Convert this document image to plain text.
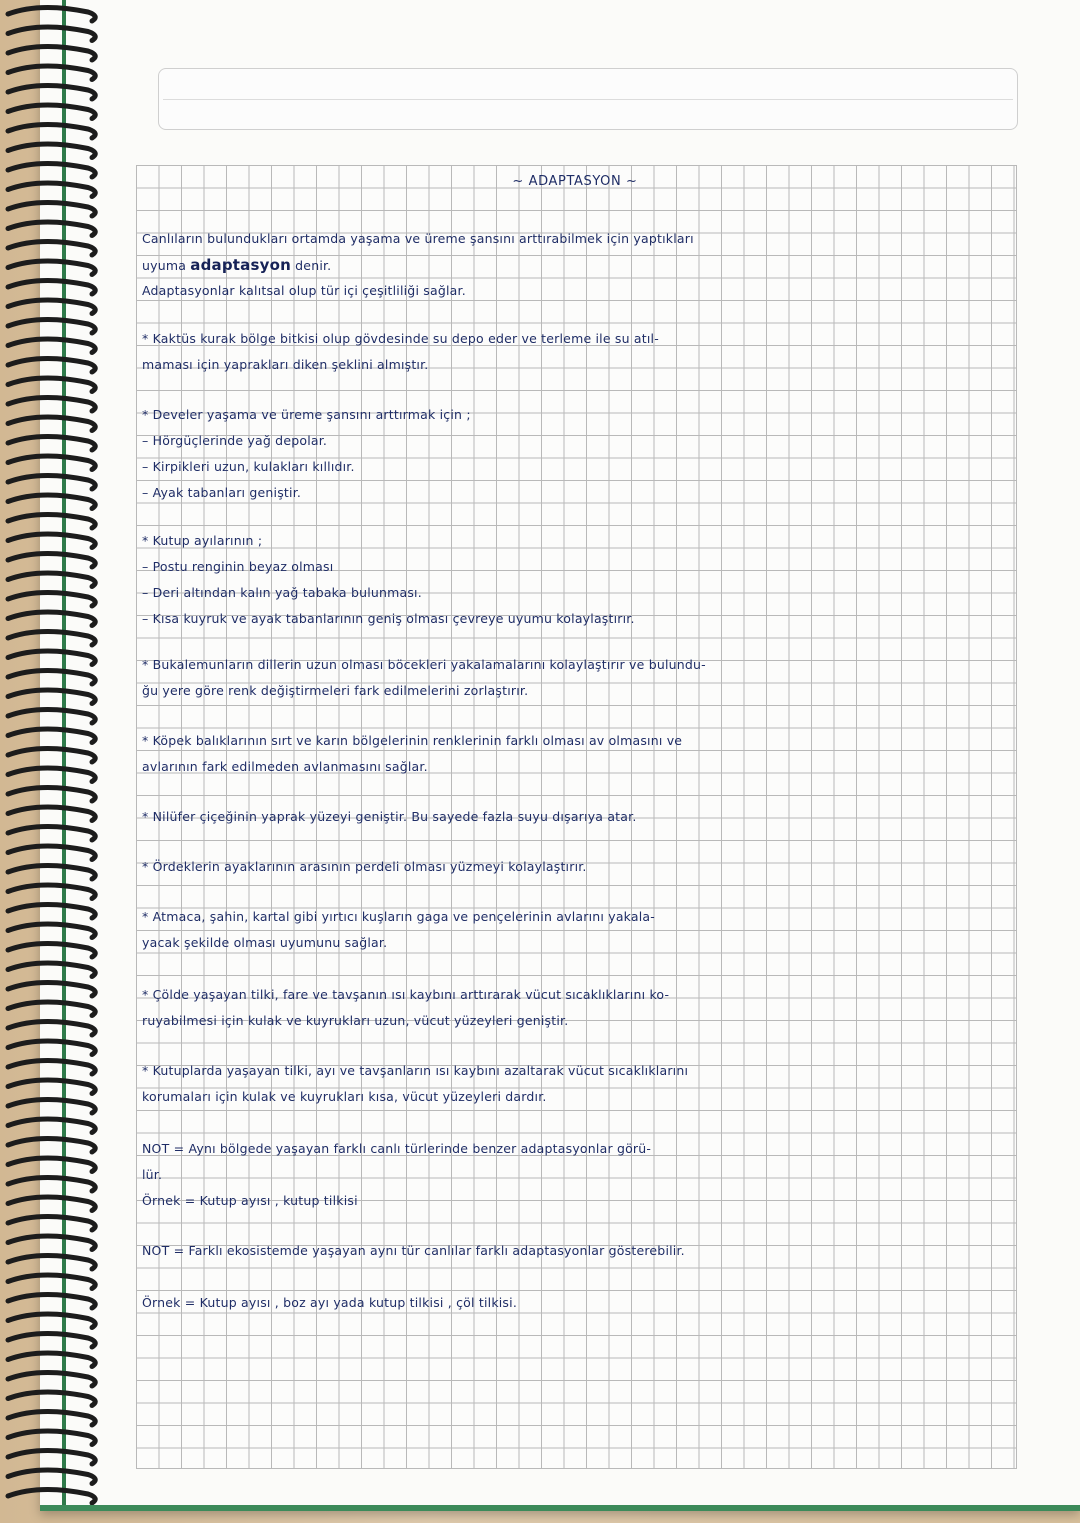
~ ADAPTASYON ~
Canlıların bulundukları ortamda yaşama ve üreme şansını arttırabilmek için yaptıkları
uyuma adaptasyon denir.
Adaptasyonlar kalıtsal olup tür içi çeşitliliği sağlar.
* Kaktüs kurak bölge bitkisi olup gövdesinde su depo eder ve terleme ile su atıl-
maması için yaprakları diken şeklini almıştır.
* Develer yaşama ve üreme şansını arttırmak için ;
– Hörgüçlerinde yağ depolar.
– Kirpikleri uzun, kulakları kıllıdır.
– Ayak tabanları geniştir.
* Kutup ayılarının ;
– Postu renginin beyaz olması
– Deri altından kalın yağ tabaka bulunması.
– Kısa kuyruk ve ayak tabanlarının geniş olması çevreye uyumu kolaylaştırır.
* Bukalemunların dillerin uzun olması böcekleri yakalamalarını kolaylaştırır ve bulundu-
ğu yere göre renk değiştirmeleri fark edilmelerini zorlaştırır.
* Köpek balıklarının sırt ve karın bölgelerinin renklerinin farklı olması av olmasını ve
avlarının fark edilmeden avlanmasını sağlar.
* Nilüfer çiçeğinin yaprak yüzeyi geniştir. Bu sayede fazla suyu dışarıya atar.
* Ördeklerin ayaklarının arasının perdeli olması yüzmeyi kolaylaştırır.
* Atmaca, şahin, kartal gibi yırtıcı kuşların gaga ve pençelerinin avlarını yakala-
yacak şekilde olması uyumunu sağlar.
* Çölde yaşayan tilki, fare ve tavşanın ısı kaybını arttırarak vücut sıcaklıklarını ko-
ruyabilmesi için kulak ve kuyrukları uzun, vücut yüzeyleri geniştir.
* Kutuplarda yaşayan tilki, ayı ve tavşanların ısı kaybını azaltarak vücut sıcaklıklarını
korumaları için kulak ve kuyrukları kısa, vücut yüzeyleri dardır.
NOT = Aynı bölgede yaşayan farklı canlı türlerinde benzer adaptasyonlar görü-
lür.
Örnek = Kutup ayısı , kutup tilkisi
NOT = Farklı ekosistemde yaşayan aynı tür canlılar farklı adaptasyonlar gösterebilir.
Örnek = Kutup ayısı , boz ayı yada kutup tilkisi , çöl tilkisi.
